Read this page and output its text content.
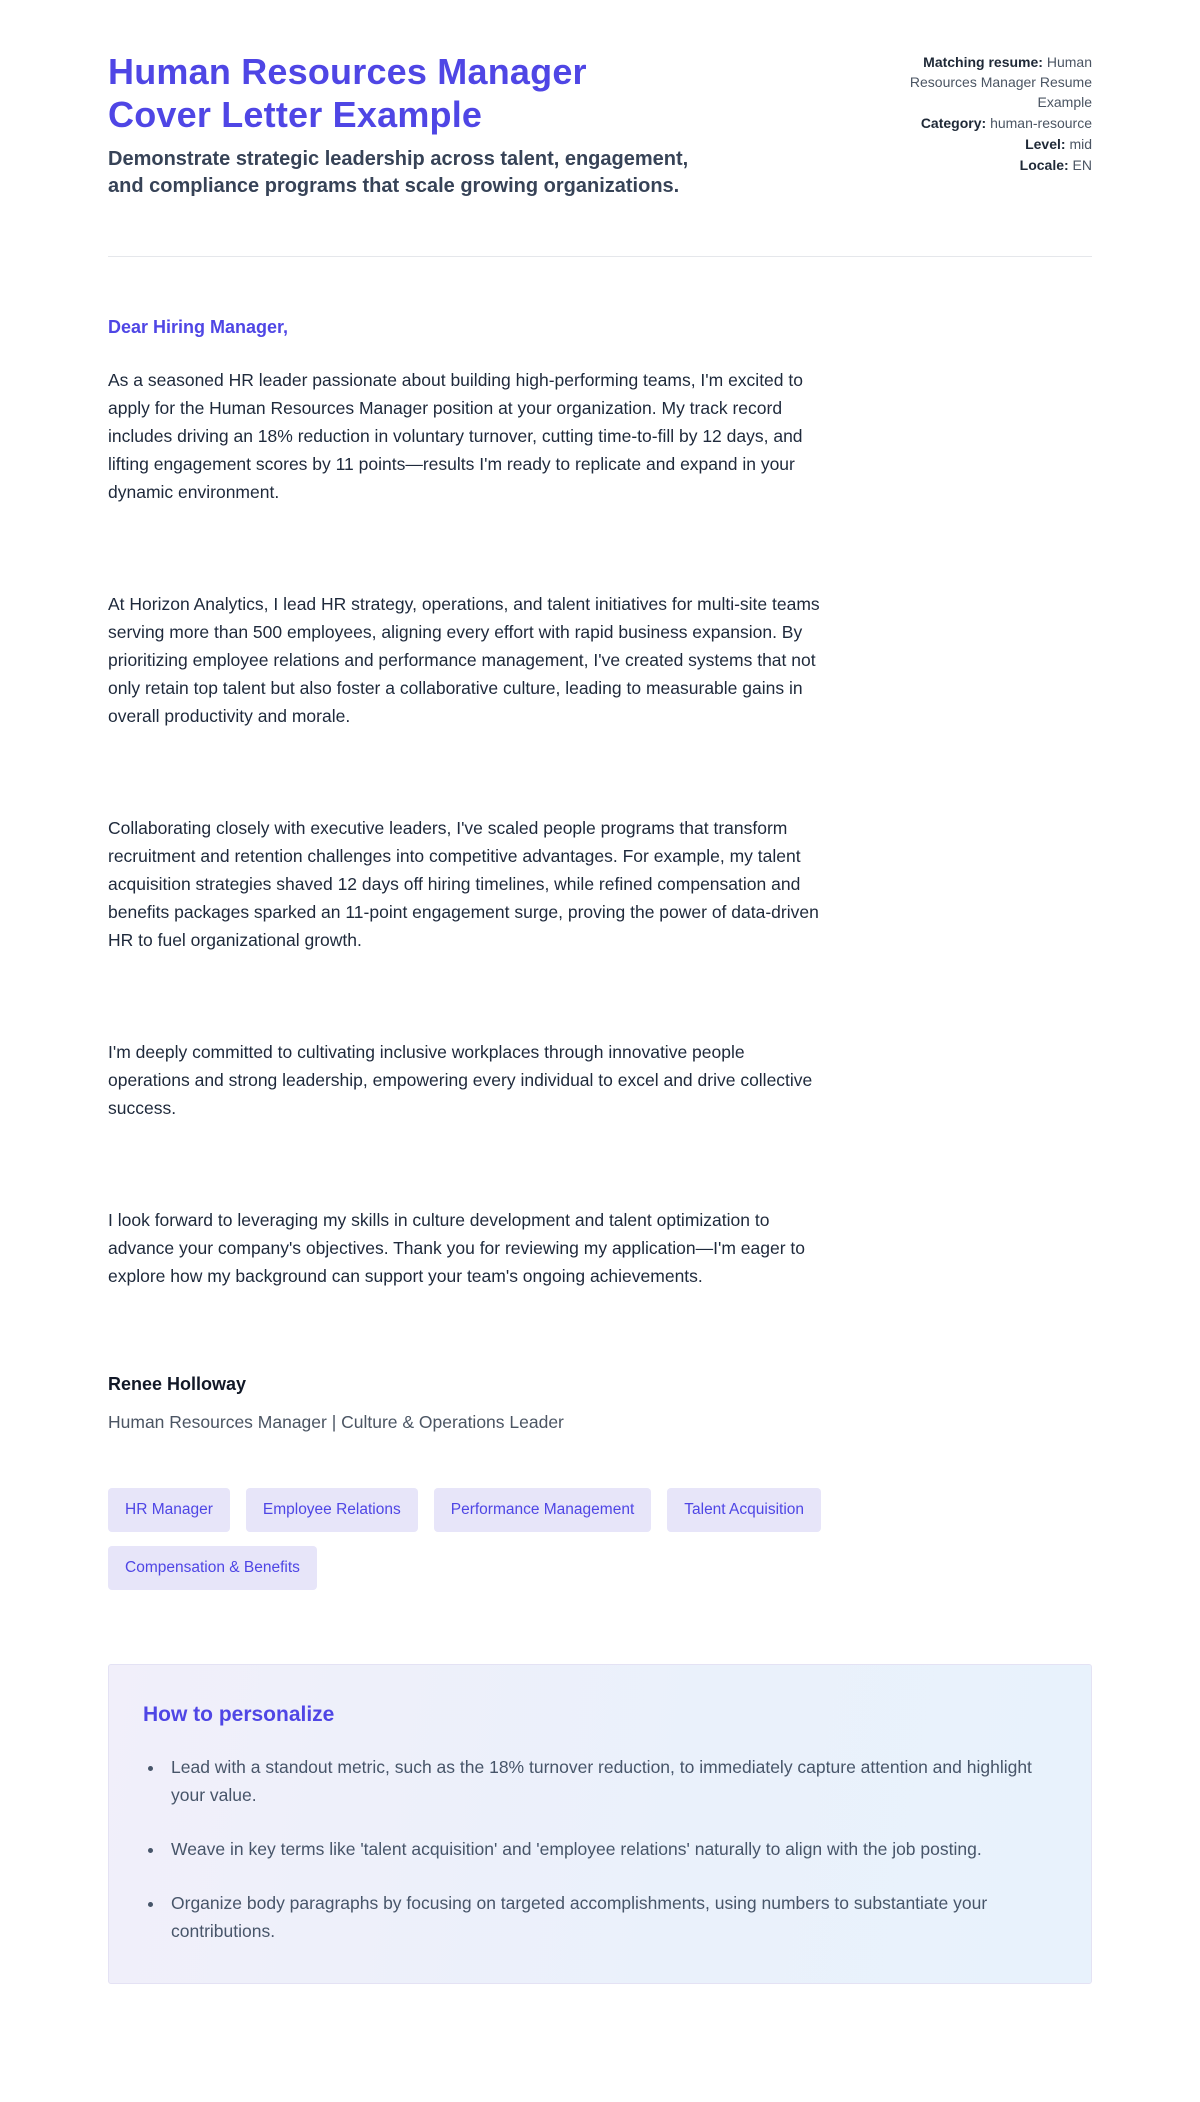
Human Resources Manager Cover Letter Example

Demonstrate strategic leadership across talent, engagement, and compliance programs that scale growing organizations.

Matching resume: Human Resources Manager Resume Example
Category: human-resource
Level: mid
Locale: EN

Dear Hiring Manager,

As a seasoned HR leader passionate about building high-performing teams, I'm excited to apply for the Human Resources Manager position at your organization. My track record includes driving an 18% reduction in voluntary turnover, cutting time-to-fill by 12 days, and lifting engagement scores by 11 points—results I'm ready to replicate and expand in your dynamic environment.

At Horizon Analytics, I lead HR strategy, operations, and talent initiatives for multi-site teams serving more than 500 employees, aligning every effort with rapid business expansion. By prioritizing employee relations and performance management, I've created systems that not only retain top talent but also foster a collaborative culture, leading to measurable gains in overall productivity and morale.

Collaborating closely with executive leaders, I've scaled people programs that transform recruitment and retention challenges into competitive advantages. For example, my talent acquisition strategies shaved 12 days off hiring timelines, while refined compensation and benefits packages sparked an 11-point engagement surge, proving the power of data-driven HR to fuel organizational growth.

I'm deeply committed to cultivating inclusive workplaces through innovative people operations and strong leadership, empowering every individual to excel and drive collective success.

I look forward to leveraging my skills in culture development and talent optimization to advance your company's objectives. Thank you for reviewing my application—I'm eager to explore how my background can support your team's ongoing achievements.

Renee Holloway

Human Resources Manager | Culture & Operations Leader

HR Manager	Employee Relations	Performance Management	Talent Acquisition
Compensation & Benefits
How to personalize
• Lead with a standout metric, such as the 18% turnover reduction, to immediately capture attention and highlight your value.
• Weave in key terms like 'talent acquisition' and 'employee relations' naturally to align with the job posting.
• Organize body paragraphs by focusing on targeted accomplishments, using numbers to substantiate your contributions.
